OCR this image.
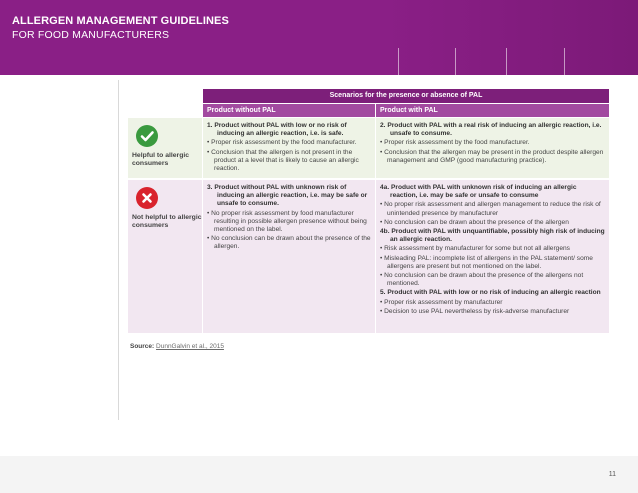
ALLERGEN MANAGEMENT GUIDELINES
FOR FOOD MANUFACTURERS
Scenarios for the presence or absence of PAL
Product without PAL	Product with PAL
Helpful to allergic consumers

1. Product without PAL with low or no risk of inducing an allergic reaction, i.e. is safe.

• Proper risk assessment by the food manufacturer.

• Conclusion that the allergen is not present in the product at a level that is likely to cause an allergic reaction.

2. Product with PAL with a real risk of inducing an allergic reaction, i.e. unsafe to consume.

• Proper risk assessment by the food manufacturer.

• Conclusion that the allergen may be present in the product despite allergen management and GMP (good manufacturing practice).

Not helpful to allergic consumers

3. Product without PAL with unknown risk of inducing an allergic reaction, i.e. may be safe or unsafe to consume.

• No proper risk assessment by food manufacturer resulting in possible allergen presence without being mentioned on the label.

• No conclusion can be drawn about the presence of the allergen.

4a. Product with PAL with unknown risk of inducing an allergic reaction, i.e. may be safe or unsafe to consume

• No proper risk assessment and allergen management to reduce the risk of unintended presence by manufacturer

• No conclusion can be drawn about the presence of the allergen

4b. Product with PAL with unquantifiable, possibly high risk of inducing an allergic reaction.

• Risk assessment by manufacturer for some but not all allergens

• Misleading PAL: incomplete list of allergens in the PAL statement/ some allergens are present but not mentioned on the label.

• No conclusion can be drawn about the presence of the allergens not mentioned.

5. Product with PAL with low or no risk of inducing an allergic reaction

• Proper risk assessment by manufacturer

• Decision to use PAL nevertheless by risk-adverse manufacturer

Source: DunnGalvin et al., 2015
11
